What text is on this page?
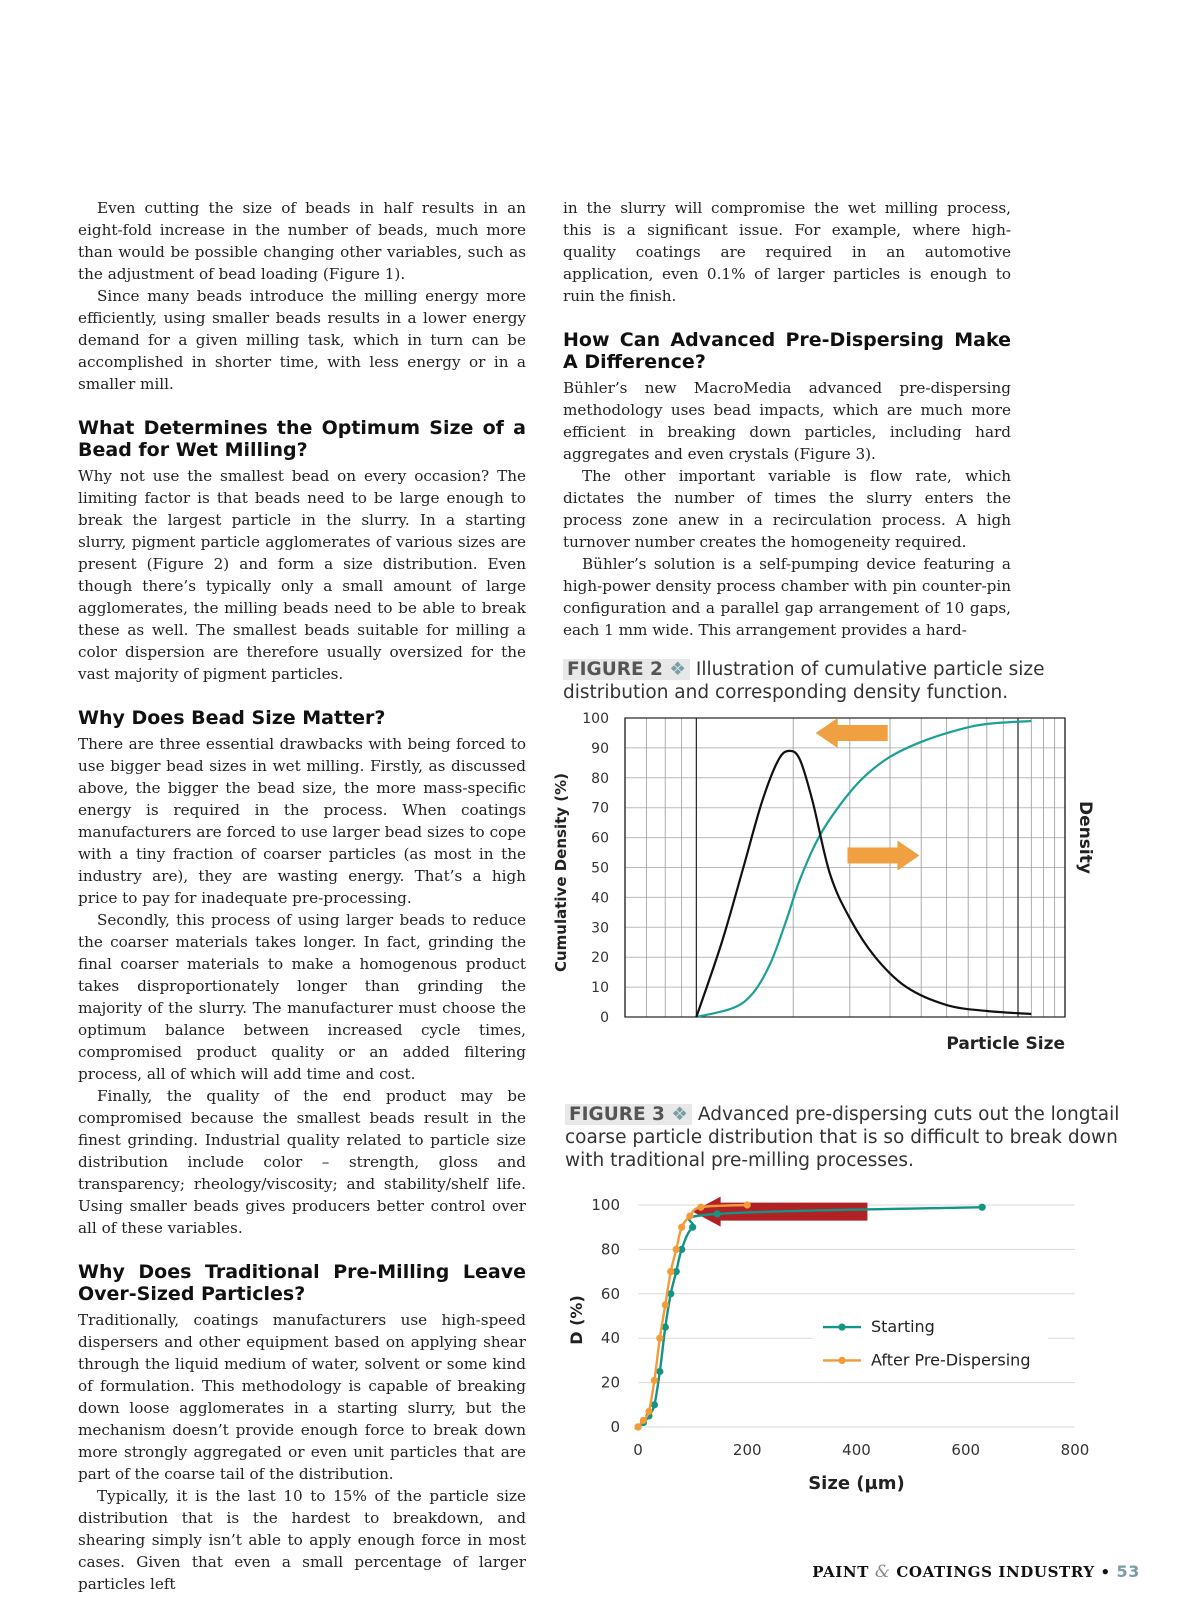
Even cutting the size of beads in half results in an eight-fold increase in the number of beads, much more than would be possible changing other variables, such as the adjustment of bead loading (Figure 1).

Since many beads introduce the milling energy more efficiently, using smaller beads results in a lower energy demand for a given milling task, which in turn can be accomplished in shorter time, with less energy or in a smaller mill.

What Determines the Optimum Size of a Bead for Wet Milling?

Why not use the smallest bead on every occasion? The limiting factor is that beads need to be large enough to break the largest particle in the slurry. In a starting slurry, pigment particle agglomerates of various sizes are present (Figure 2) and form a size distribution. Even though there’s typically only a small amount of large agglomerates, the milling beads need to be able to break these as well. The smallest beads suitable for milling a color dispersion are therefore usually oversized for the vast majority of pigment particles.

Why Does Bead Size Matter?

There are three essential drawbacks with being forced to use bigger bead sizes in wet milling. Firstly, as discussed above, the bigger the bead size, the more mass-specific energy is required in the process. When coatings manufacturers are forced to use larger bead sizes to cope with a tiny fraction of coarser particles (as most in the industry are), they are wasting energy. That’s a high price to pay for inadequate pre-processing.

Secondly, this process of using larger beads to reduce the coarser materials takes longer. In fact, grinding the final coarser materials to make a homogenous product takes disproportionately longer than grinding the majority of the slurry. The manufacturer must choose the optimum balance between increased cycle times, compromised product quality or an added filtering process, all of which will add time and cost.

Finally, the quality of the end product may be compromised because the smallest beads result in the finest grinding. Industrial quality related to particle size distribution include color – strength, gloss and transparency; rheology/viscosity; and stability/shelf life. Using smaller beads gives producers better control over all of these variables.

Why Does Traditional Pre-Milling Leave Over-Sized Particles?

Traditionally, coatings manufacturers use high-speed dispersers and other equipment based on applying shear through the liquid medium of water, solvent or some kind of formulation. This methodology is capable of breaking down loose agglomerates in a starting slurry, but the mechanism doesn’t provide enough force to break down more strongly aggregated or even unit particles that are part of the coarse tail of the distribution.

Typically, it is the last 10 to 15% of the particle size distribution that is the hardest to breakdown, and shearing simply isn’t able to apply enough force in most cases. Given that even a small percentage of larger particles left

in the slurry will compromise the wet milling process, this is a significant issue. For example, where high-quality coatings are required in an automotive application, even 0.1% of larger particles is enough to ruin the finish.

How Can Advanced Pre-Dispersing Make A Difference?

Bühler’s new MacroMedia advanced pre-dispersing methodology uses bead impacts, which are much more efficient in breaking down particles, including hard aggregates and even crystals (Figure 3).

The other important variable is flow rate, which dictates the number of times the slurry enters the process zone anew in a recirculation process. A high turnover number creates the homogeneity required.

Bühler’s solution is a self-pumping device featuring a high-power density process chamber with pin counter-pin configuration and a parallel gap arrangement of 10 gaps, each 1 mm wide. This arrangement provides a hard-

FIGURE 2 ❖ Illustration of cumulative particle size distribution and corresponding density function.
100
90
80
70
60
50
40
30
20
10
0
Cumulative Density (%)	Density
Particle Size
FIGURE 3 ❖ Advanced pre-dispersing cuts out the longtail coarse particle distribution that is so difficult to break down with traditional pre-milling processes.
0
20
40
60
80
100
0	200	400	600	800
D (%)
Size (µm)
Starting
After Pre-Dispersing
PAINT & COATINGS INDUSTRY • 53
